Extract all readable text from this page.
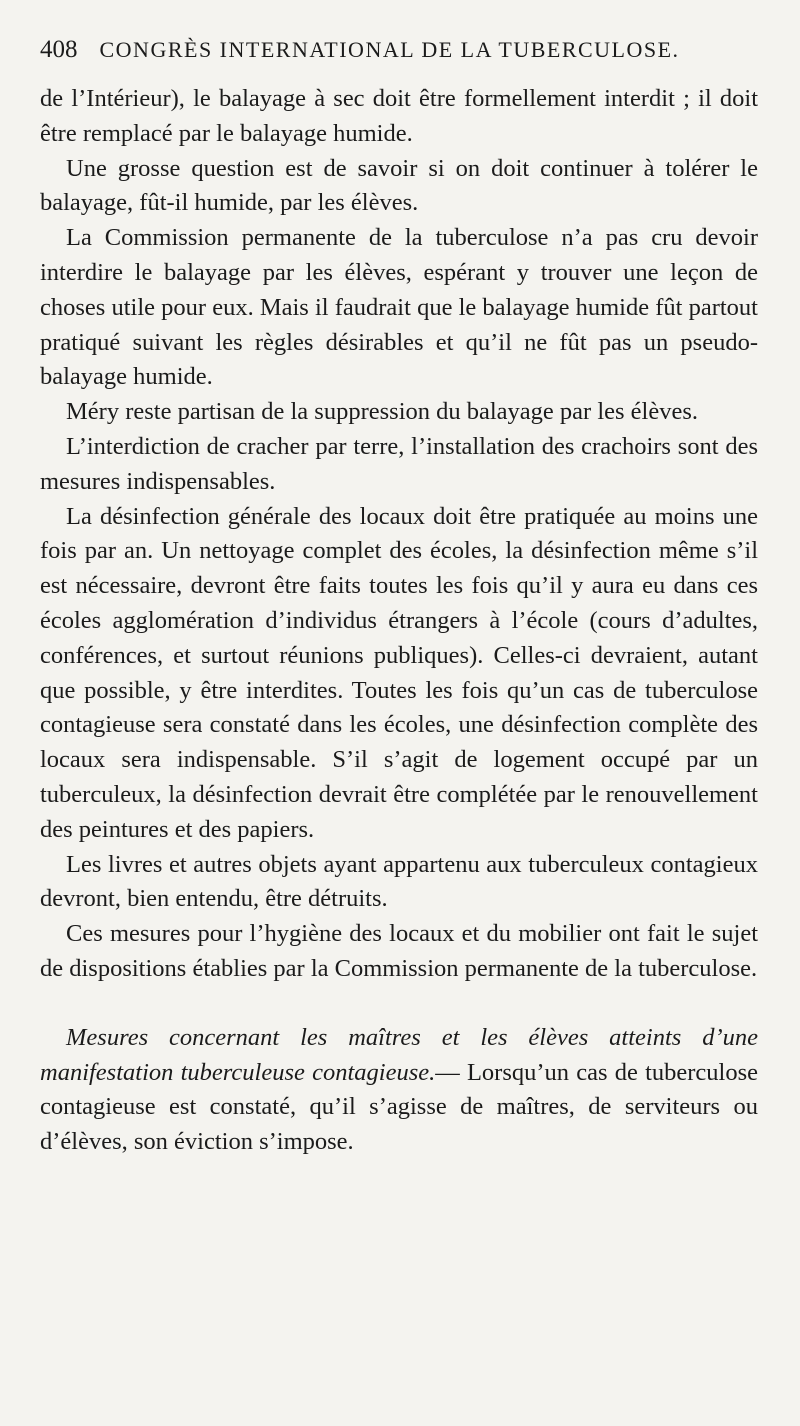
408 CONGRÈS INTERNATIONAL DE LA TUBERCULOSE.

de l’Intérieur), le balayage à sec doit être formellement interdit ; il doit être remplacé par le balayage humide.

Une grosse question est de savoir si on doit continuer à tolérer le balayage, fût-il humide, par les élèves.

La Commission permanente de la tuberculose n’a pas cru devoir interdire le balayage par les élèves, espérant y trouver une leçon de choses utile pour eux. Mais il faudrait que le balayage humide fût partout pratiqué suivant les règles désirables et qu’il ne fût pas un pseudo-balayage humide.

Méry reste partisan de la suppression du balayage par les élèves.

L’interdiction de cracher par terre, l’installation des crachoirs sont des mesures indispensables.

La désinfection générale des locaux doit être pratiquée au moins une fois par an. Un nettoyage complet des écoles, la désinfection même s’il est nécessaire, devront être faits toutes les fois qu’il y aura eu dans ces écoles agglomération d’individus étrangers à l’école (cours d’adultes, conférences, et surtout réunions publiques). Celles-ci devraient, autant que possible, y être interdites. Toutes les fois qu’un cas de tuberculose contagieuse sera constaté dans les écoles, une désinfection complète des locaux sera indispensable. S’il s’agit de logement occupé par un tuberculeux, la désinfection devrait être complétée par le renouvellement des peintures et des papiers.

Les livres et autres objets ayant appartenu aux tuberculeux contagieux devront, bien entendu, être détruits.

Ces mesures pour l’hygiène des locaux et du mobilier ont fait le sujet de dispositions établies par la Commission permanente de la tuberculose.

Mesures concernant les maîtres et les élèves atteints d’une manifestation tuberculeuse contagieuse.— Lorsqu’un cas de tuberculose contagieuse est constaté, qu’il s’agisse de maîtres, de serviteurs ou d’élèves, son éviction s’impose.
